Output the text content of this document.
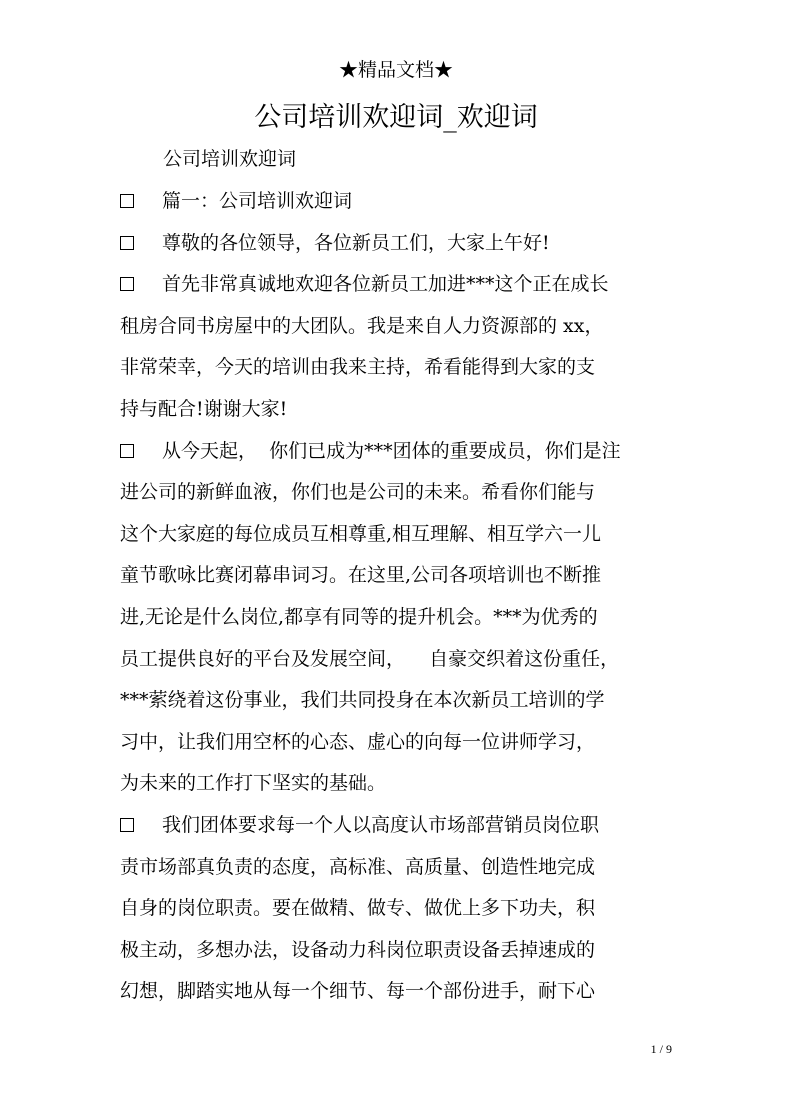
★精品文档★
公司培训欢迎词_欢迎词
公司培训欢迎词
篇一：公司培训欢迎词
尊敬的各位领导，各位新员工们，大家上午好!
首先非常真诚地欢迎各位新员工加进***这个正在成长
租房合同书房屋中的大团队。我是来自人力资源部的 xx，
非常荣幸，今天的培训由我来主持，希看能得到大家的支
持与配合!谢谢大家!
从今天起，  你们已成为***团体的重要成员，你们是注
进公司的新鲜血液，你们也是公司的未来。希看你们能与
这个大家庭的每位成员互相尊重,相互理解、相互学六一儿
童节歌咏比赛闭幕串词习。在这里,公司各项培训也不断推
进,无论是什么岗位,都享有同等的提升机会。***为优秀的
员工提供良好的平台及发展空间，    自豪交织着这份重任，
***萦绕着这份事业，我们共同投身在本次新员工培训的学
习中，让我们用空杯的心态、虚心的向每一位讲师学习，
为未来的工作打下坚实的基础。
我们团体要求每一个人以高度认市场部营销员岗位职
责市场部真负责的态度，高标准、高质量、创造性地完成
自身的岗位职责。要在做精、做专、做优上多下功夫，积
极主动，多想办法，设备动力科岗位职责设备丢掉速成的
幻想，脚踏实地从每一个细节、每一个部份进手，耐下心
1 / 9
